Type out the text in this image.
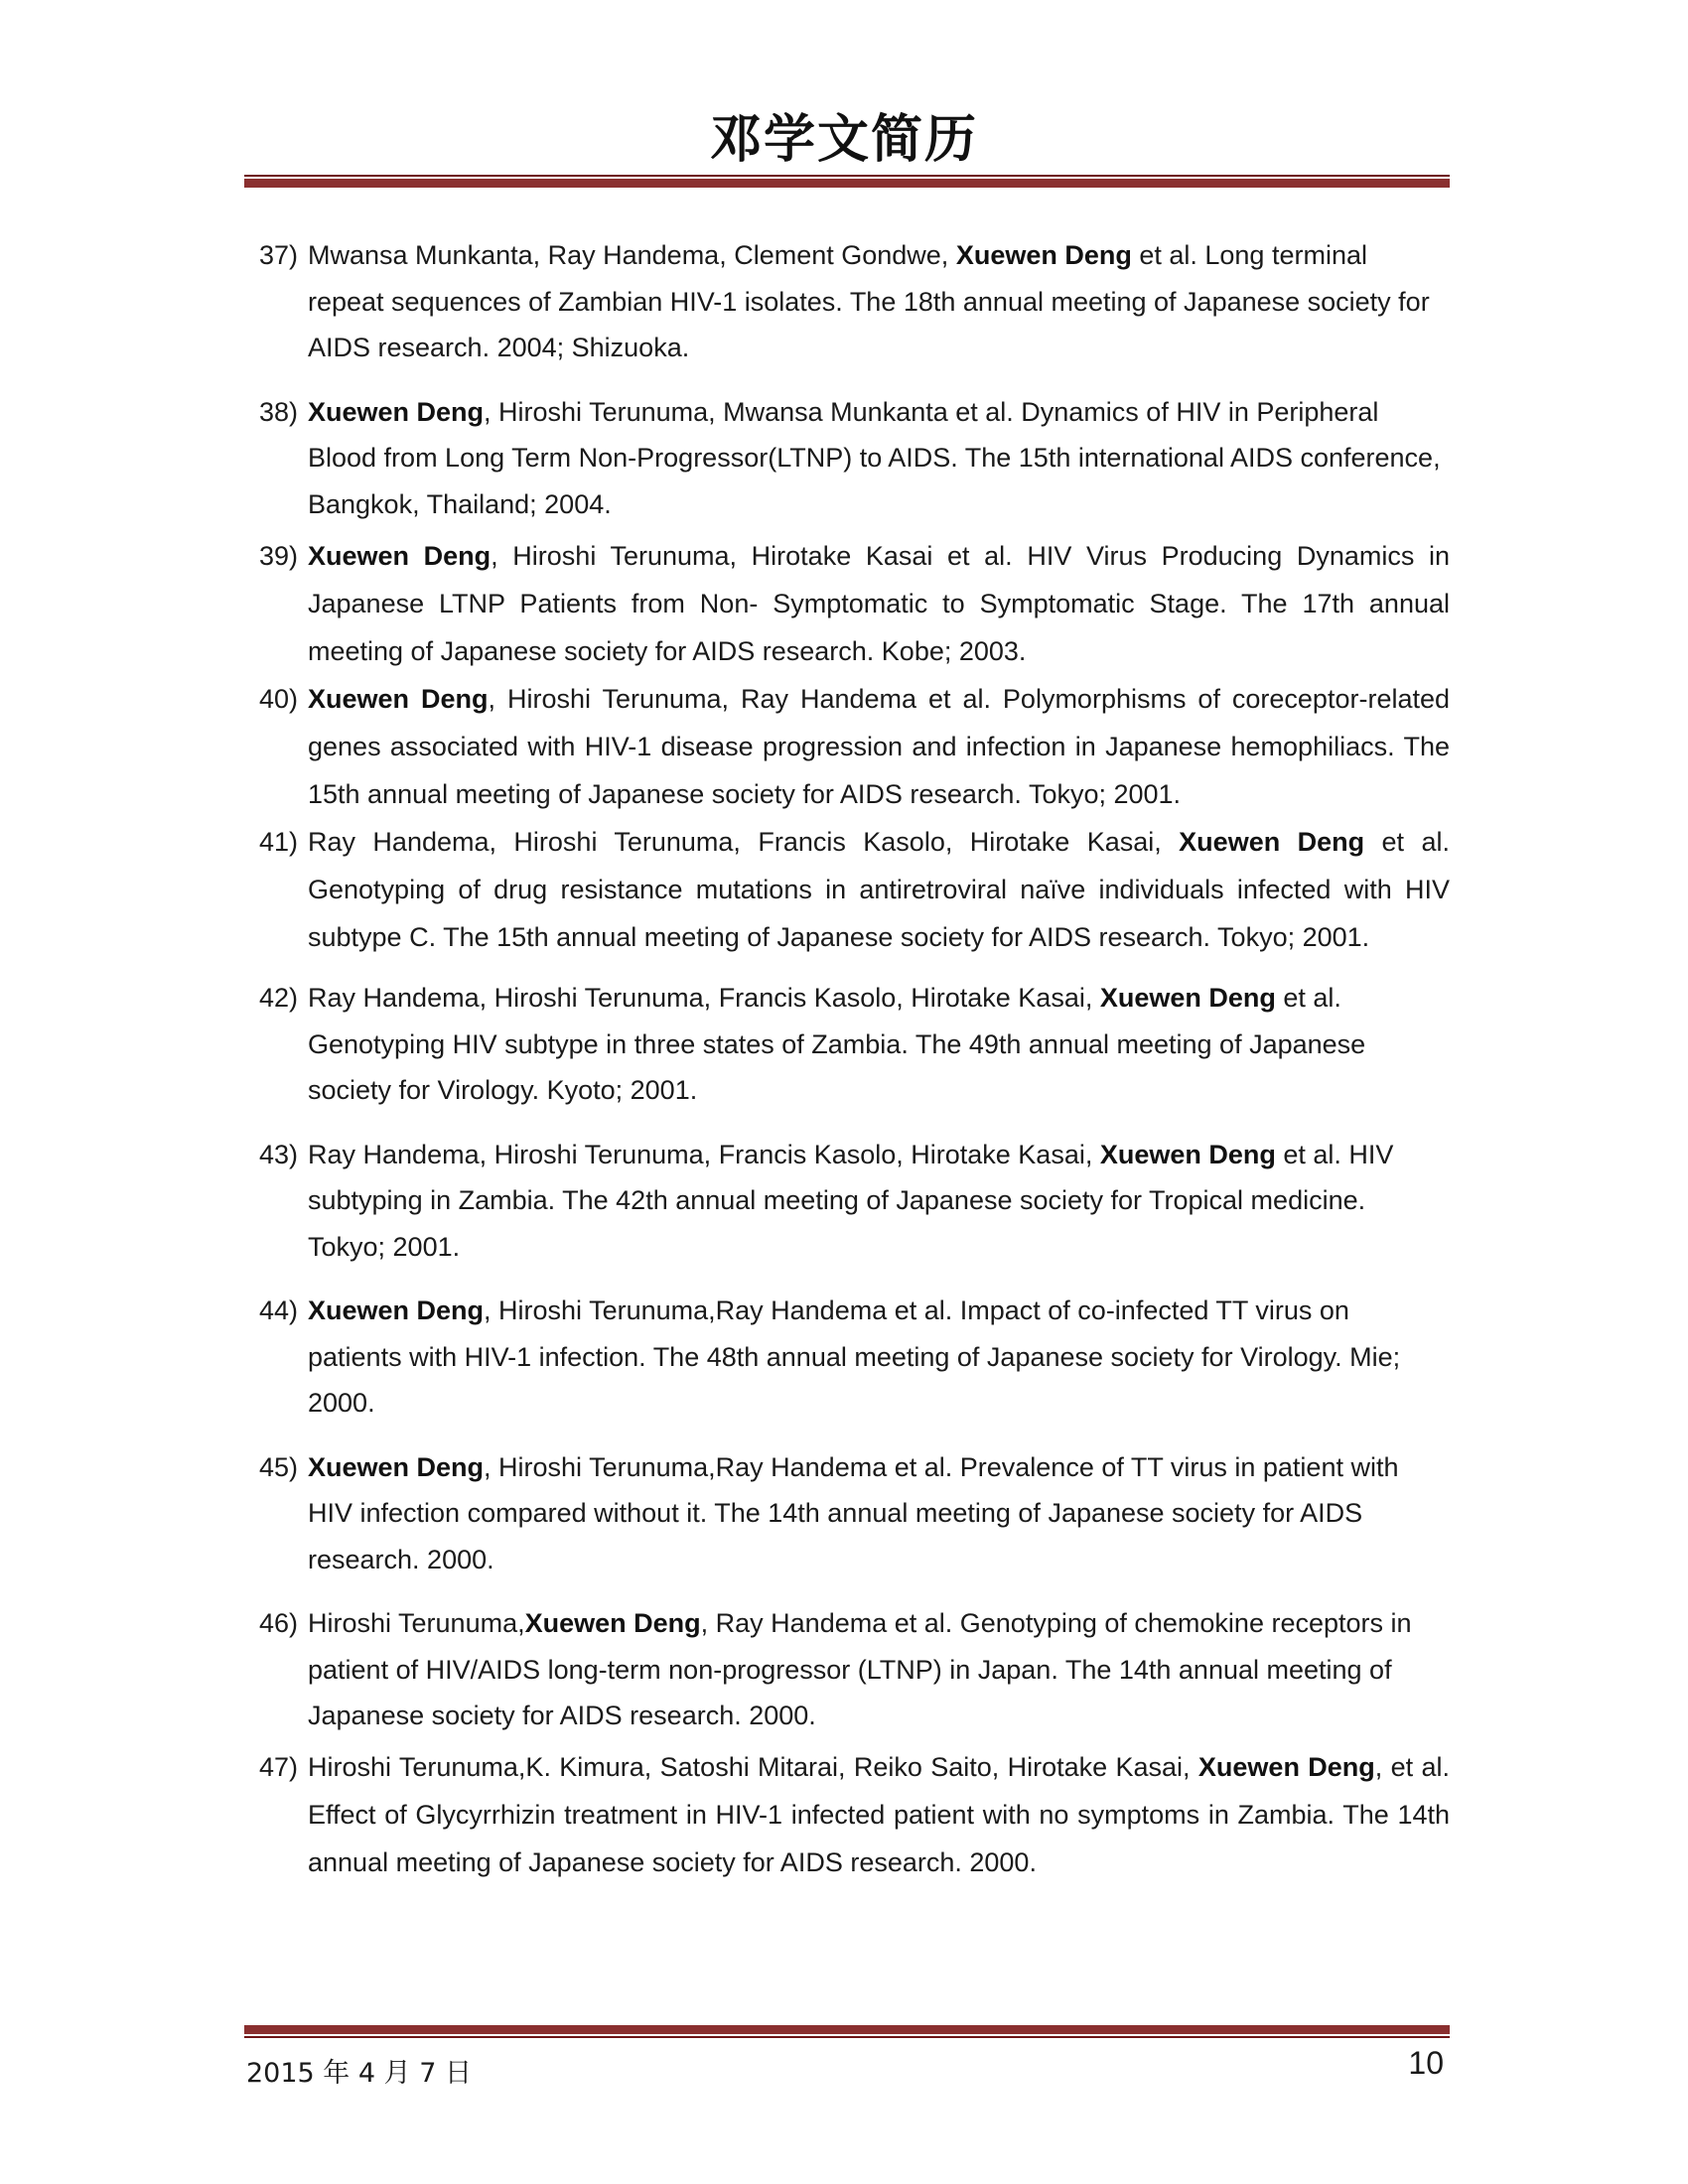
邓学文简历
37) Mwansa Munkanta, Ray Handema, Clement Gondwe, Xuewen Deng et al. Long terminal repeat sequences of Zambian HIV-1 isolates. The 18th annual meeting of Japanese society for AIDS research. 2004; Shizuoka.
38) Xuewen Deng, Hiroshi Terunuma, Mwansa Munkanta et al. Dynamics of HIV in Peripheral Blood from Long Term Non-Progressor(LTNP) to AIDS. The 15th international AIDS conference, Bangkok, Thailand; 2004.
39) Xuewen Deng, Hiroshi Terunuma, Hirotake Kasai et al. HIV Virus Producing Dynamics in Japanese LTNP Patients from Non- Symptomatic to Symptomatic Stage. The 17th annual meeting of Japanese society for AIDS research. Kobe; 2003.
40) Xuewen Deng, Hiroshi Terunuma, Ray Handema et al. Polymorphisms of coreceptor-related genes associated with HIV-1 disease progression and infection in Japanese hemophiliacs. The 15th annual meeting of Japanese society for AIDS research. Tokyo; 2001.
41) Ray Handema, Hiroshi Terunuma, Francis Kasolo, Hirotake Kasai, Xuewen Deng et al. Genotyping of drug resistance mutations in antiretroviral naïve individuals infected with HIV subtype C. The 15th annual meeting of Japanese society for AIDS research. Tokyo; 2001.
42) Ray Handema, Hiroshi Terunuma, Francis Kasolo, Hirotake Kasai, Xuewen Deng et al. Genotyping HIV subtype in three states of Zambia. The 49th annual meeting of Japanese society for Virology. Kyoto; 2001.
43) Ray Handema, Hiroshi Terunuma, Francis Kasolo, Hirotake Kasai, Xuewen Deng et al. HIV subtyping in Zambia. The 42th annual meeting of Japanese society for Tropical medicine. Tokyo; 2001.
44) Xuewen Deng, Hiroshi Terunuma,Ray Handema et al. Impact of co-infected TT virus on patients with HIV-1 infection. The 48th annual meeting of Japanese society for Virology. Mie; 2000.
45) Xuewen Deng, Hiroshi Terunuma,Ray Handema et al. Prevalence of TT virus in patient with HIV infection compared without it. The 14th annual meeting of Japanese society for AIDS research. 2000.
46) Hiroshi Terunuma,Xuewen Deng, Ray Handema et al. Genotyping of chemokine receptors in patient of HIV/AIDS long-term non-progressor (LTNP) in Japan. The 14th annual meeting of Japanese society for AIDS research. 2000.
47) Hiroshi Terunuma,K. Kimura, Satoshi Mitarai, Reiko Saito, Hirotake Kasai, Xuewen Deng, et al. Effect of Glycyrrhizin treatment in HIV-1 infected patient with no symptoms in Zambia. The 14th annual meeting of Japanese society for AIDS research. 2000.
2015 年 4 月 7 日	10
